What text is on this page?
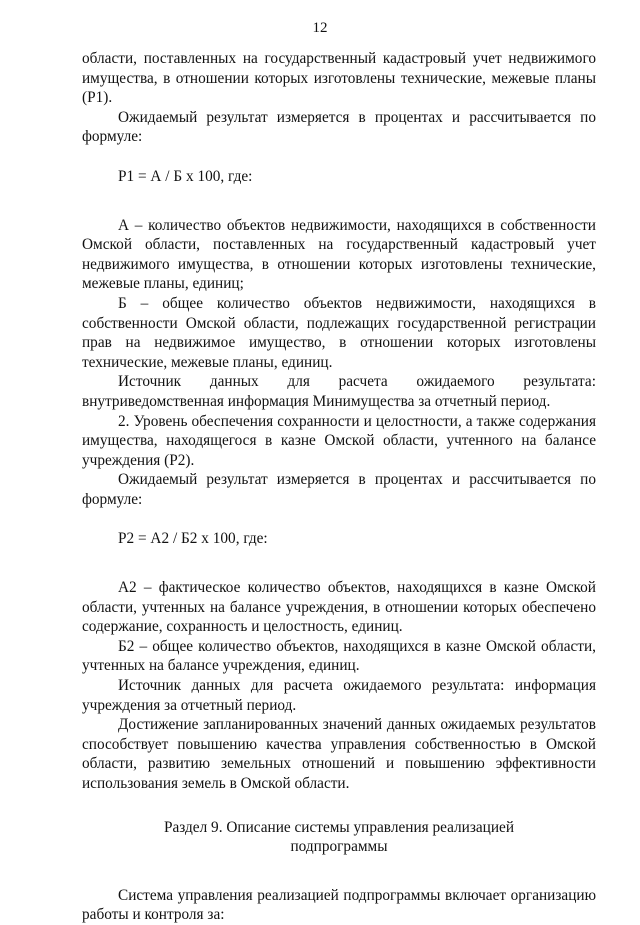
12

области, поставленных на государственный кадастровый учет недвижимого имущества, в отношении которых изготовлены технические, межевые планы (Р1).

Ожидаемый результат измеряется в процентах и рассчитывается по формуле:

Р1 = А / Б х 100, где:

А – количество объектов недвижимости, находящихся в собственности Омской области, поставленных на государственный кадастровый учет недвижимого имущества, в отношении которых изготовлены технические, межевые планы, единиц;

Б – общее количество объектов недвижимости, находящихся в собственности Омской области, подлежащих государственной регистрации прав на недвижимое имущество, в отношении которых изготовлены технические, межевые планы, единиц.

Источник данных для расчета ожидаемого результата:

внутриведомственная информация Минимущества за отчетный период.

2. Уровень обеспечения сохранности и целостности, а также содержания имущества, находящегося в казне Омской области, учтенного на балансе учреждения (Р2).

Ожидаемый результат измеряется в процентах и рассчитывается по формуле:

Р2 = А2 / Б2 х 100, где:

А2 – фактическое количество объектов, находящихся в казне Омской области, учтенных на балансе учреждения, в отношении которых обеспечено содержание, сохранность и целостность, единиц.

Б2 – общее количество объектов, находящихся в казне Омской области, учтенных на балансе учреждения, единиц.

Источник данных для расчета ожидаемого результата: информация учреждения за отчетный период.

Достижение запланированных значений данных ожидаемых результатов способствует повышению качества управления собственностью в Омской области, развитию земельных отношений и повышению эффективности использования земель в Омской области.

Раздел 9. Описание системы управления реализацией подпрограммы

Система управления реализацией подпрограммы включает организацию работы и контроля за:
